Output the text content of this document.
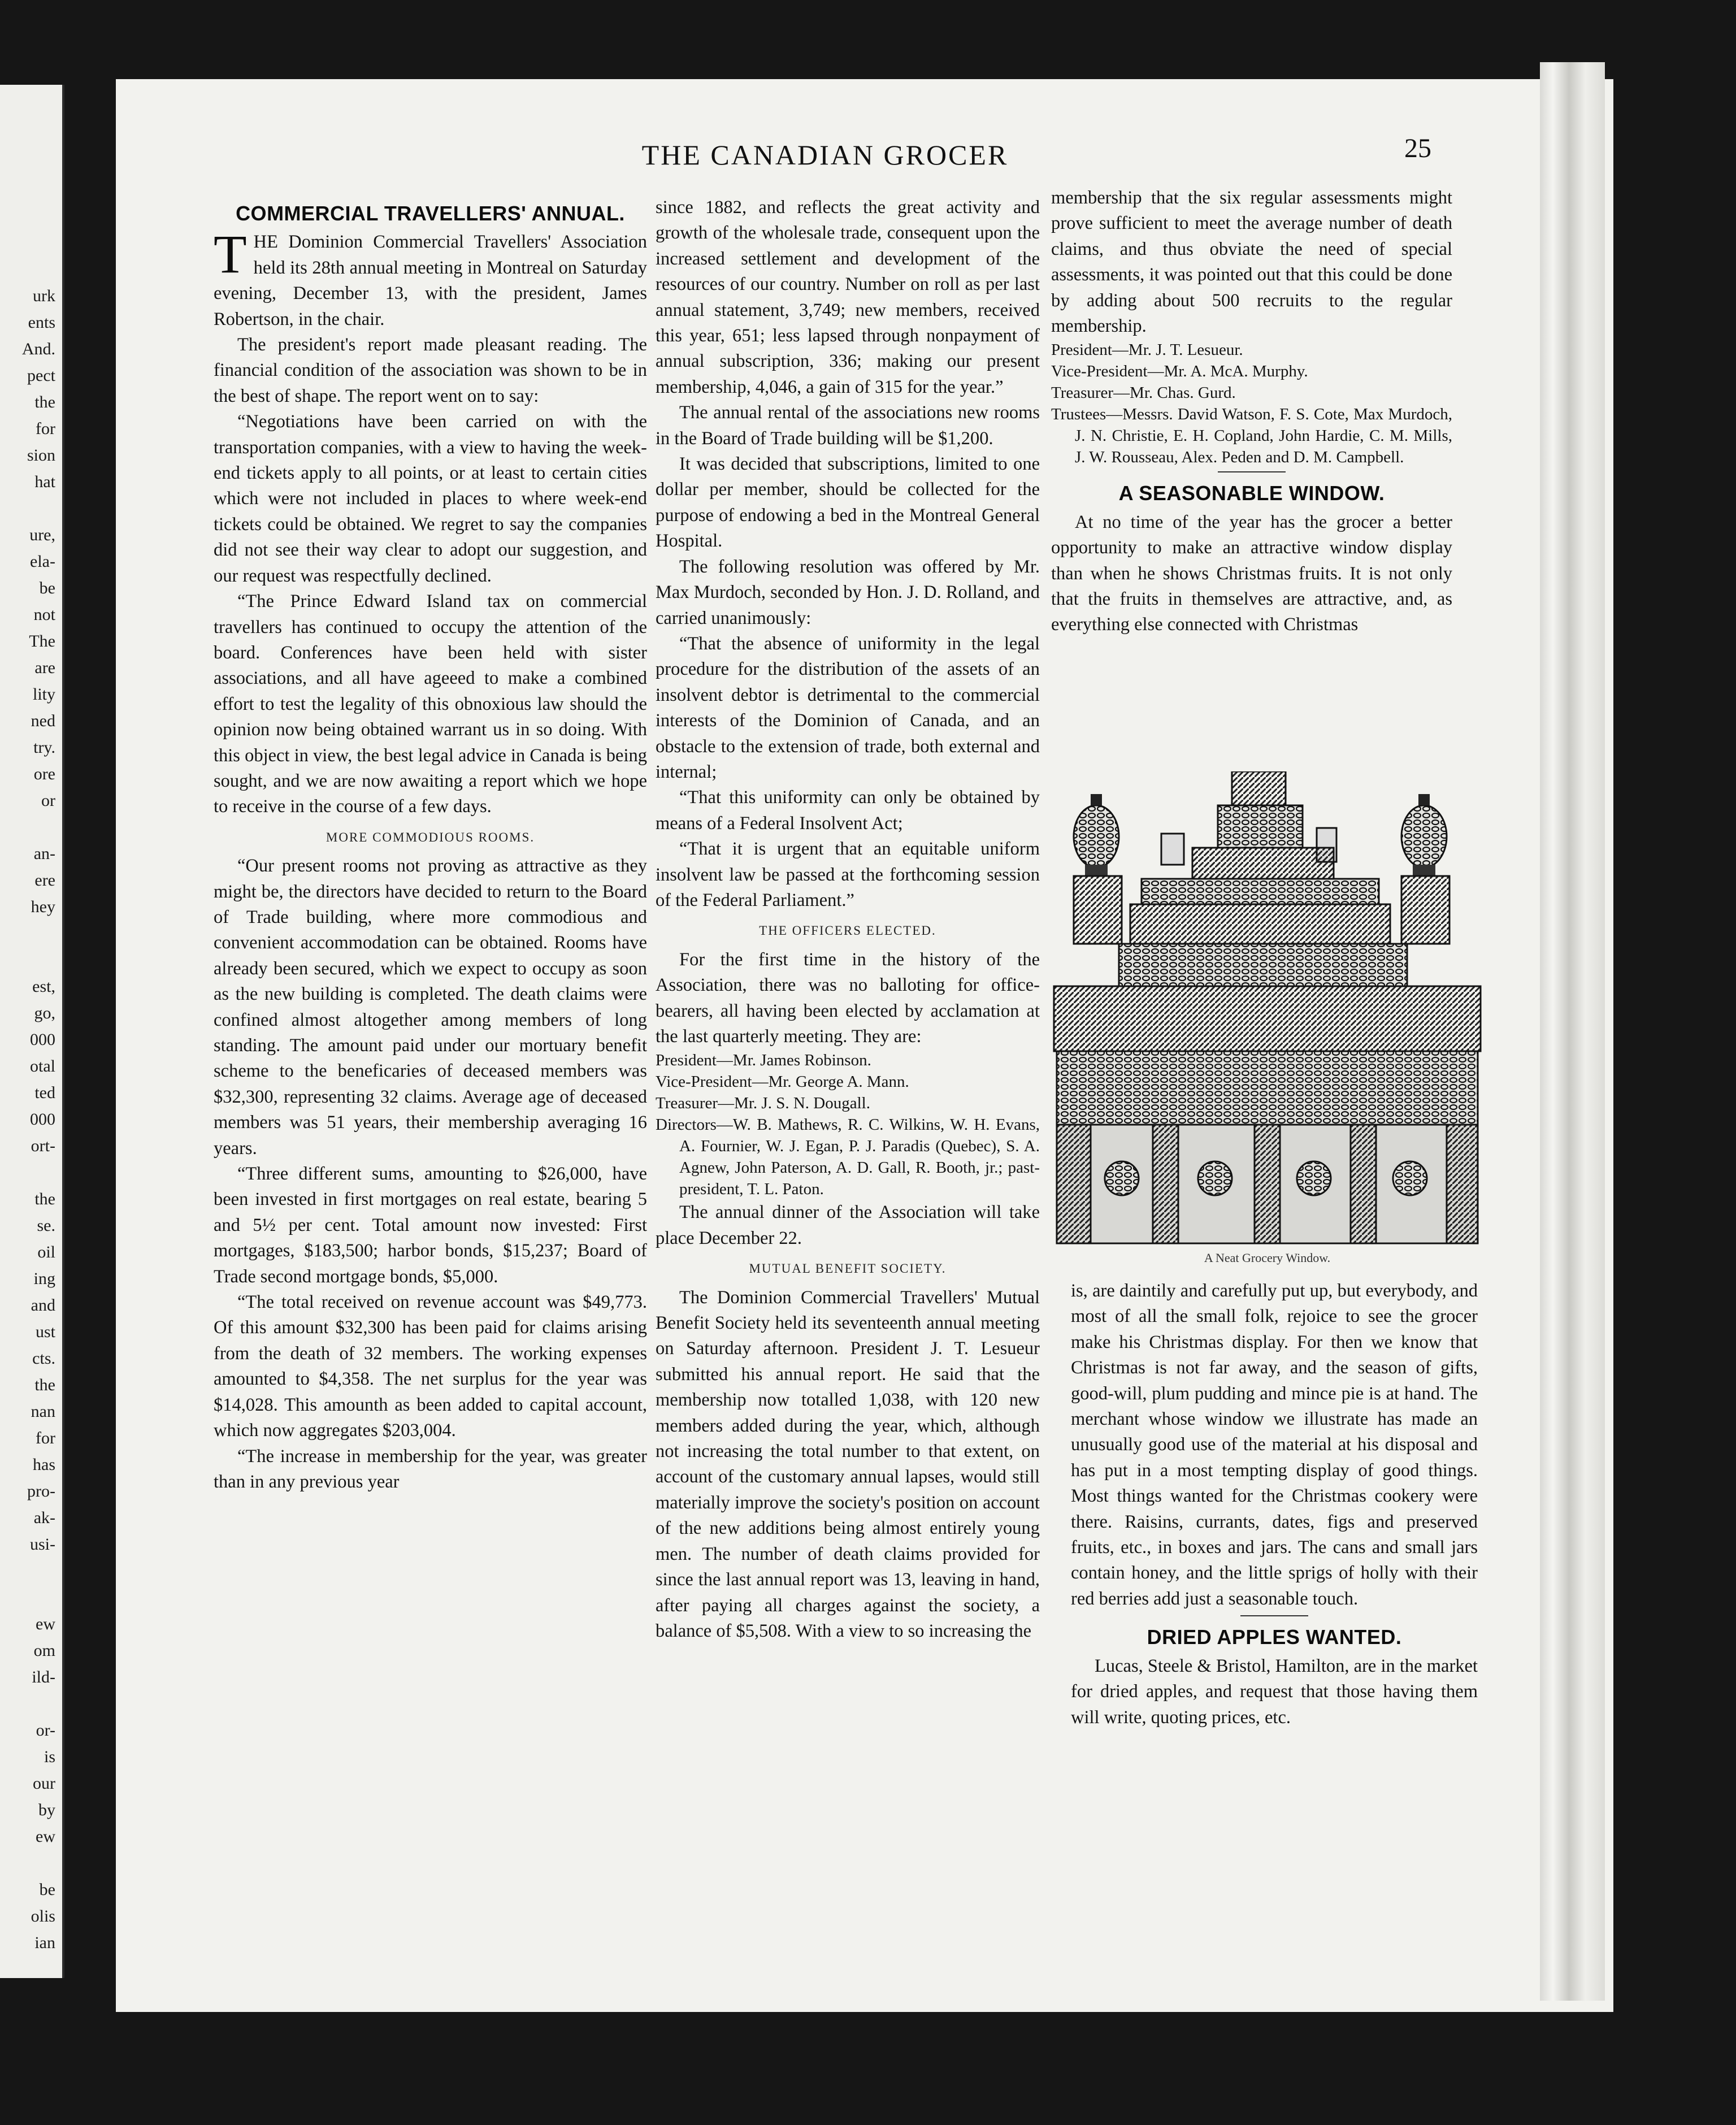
urk
ents
And.
pect
the
for
sion
hat

ure,
ela-
be
not
The
are
lity
ned
try.
ore
or

an-
ere
hey

est,
go,
000
otal
ted
000
ort-

the
se.
oil
ing
and
ust
cts.
the
nan
for
has
pro-
ak-
usi-

ew
om
ild-

or-
is
our
by
ew

be
olis
ian

THE CANADIAN GROCER	25
COMMERCIAL TRAVELLERS' ANNUAL.

T HE Dominion Commercial Travellers' Association held its 28th annual meeting in Montreal on Saturday evening, December 13, with the president, James Robertson, in the chair.

The president's report made pleasant reading. The financial condition of the association was shown to be in the best of shape. The report went on to say:

“Negotiations have been carried on with the transportation companies, with a view to having the week-end tickets apply to all points, or at least to certain cities which were not included in places to where week-end tickets could be obtained. We regret to say the companies did not see their way clear to adopt our suggestion, and our request was respectfully declined.

“The Prince Edward Island tax on commercial travellers has continued to occupy the attention of the board. Conferences have been held with sister associations, and all have ageeed to make a combined effort to test the legality of this obnoxious law should the opinion now being obtained warrant us in so doing. With this object in view, the best legal advice in Canada is being sought, and we are now awaiting a report which we hope to receive in the course of a few days.

MORE COMMODIOUS ROOMS.

“Our present rooms not proving as attractive as they might be, the directors have decided to return to the Board of Trade building, where more commodious and convenient accommodation can be obtained. Rooms have already been secured, which we expect to occupy as soon as the new building is completed. The death claims were confined almost altogether among members of long standing. The amount paid under our mortuary benefit scheme to the beneficaries of deceased members was $32,300, representing 32 claims. Average age of deceased members was 51 years, their membership averaging 16 years.

“Three different sums, amounting to $26,000, have been invested in first mortgages on real estate, bearing 5 and 5½ per cent. Total amount now invested: First mortgages, $183,500; harbor bonds, $15,237; Board of Trade second mortgage bonds, $5,000.

“The total received on revenue account was $49,773. Of this amount $32,300 has been paid for claims arising from the death of 32 members. The working expenses amounted to $4,358. The net surplus for the year was $14,028. This amounth as been added to capital account, which now aggregates $203,004.

“The increase in membership for the year, was greater than in any previous year

since 1882, and reflects the great activity and growth of the wholesale trade, consequent upon the increased settlement and development of the resources of our country. Number on roll as per last annual statement, 3,749; new members, received this year, 651; less lapsed through nonpayment of annual subscription, 336; making our present membership, 4,046, a gain of 315 for the year.”

The annual rental of the associations new rooms in the Board of Trade building will be $1,200.

It was decided that subscriptions, limited to one dollar per member, should be collected for the purpose of endowing a bed in the Montreal General Hospital.

The following resolution was offered by Mr. Max Murdoch, seconded by Hon. J. D. Rolland, and carried unanimously:

“That the absence of uniformity in the legal procedure for the distribution of the assets of an insolvent debtor is detrimental to the commercial interests of the Dominion of Canada, and an obstacle to the extension of trade, both external and internal;

“That this uniformity can only be obtained by means of a Federal Insolvent Act;

“That it is urgent that an equitable uniform insolvent law be passed at the forthcoming session of the Federal Parliament.”

THE OFFICERS ELECTED.

For the first time in the history of the Association, there was no balloting for office-bearers, all having been elected by acclamation at the last quarterly meeting. They are:

President—Mr. James Robinson.

Vice-President—Mr. George A. Mann.

Treasurer—Mr. J. S. N. Dougall.

Directors—W. B. Mathews, R. C. Wilkins, W. H. Evans, A. Fournier, W. J. Egan, P. J. Paradis (Quebec), S. A. Agnew, John Paterson, A. D. Gall, R. Booth, jr.; past-president, T. L. Paton.

The annual dinner of the Association will take place December 22.

MUTUAL BENEFIT SOCIETY.

The Dominion Commercial Travellers' Mutual Benefit Society held its seventeenth annual meeting on Saturday afternoon. President J. T. Lesueur submitted his annual report. He said that the membership now totalled 1,038, with 120 new members added during the year, which, although not increasing the total number to that extent, on account of the customary annual lapses, would still materially improve the society's position on account of the new additions being almost entirely young men. The number of death claims provided for since the last annual report was 13, leaving in hand, after paying all charges against the society, a balance of $5,508. With a view to so increasing the

membership that the six regular assessments might prove sufficient to meet the average number of death claims, and thus obviate the need of special assessments, it was pointed out that this could be done by adding about 500 recruits to the regular membership.

President—Mr. J. T. Lesueur.

Vice-President—Mr. A. McA. Murphy.

Treasurer—Mr. Chas. Gurd.

Trustees—Messrs. David Watson, F. S. Cote, Max Murdoch, J. N. Christie, E. H. Copland, John Hardie, C. M. Mills, J. W. Rousseau, Alex. Peden and D. M. Campbell.

A SEASONABLE WINDOW.

At no time of the year has the grocer a better opportunity to make an attractive window display than when he shows Christmas fruits. It is not only that the fruits in themselves are attractive, and, as everything else connected with Christmas

A Neat Grocery Window.

is, are daintily and carefully put up, but everybody, and most of all the small folk, rejoice to see the grocer make his Christmas display. For then we know that Christmas is not far away, and the season of gifts, good-will, plum pudding and mince pie is at hand. The merchant whose window we illustrate has made an unusually good use of the material at his disposal and has put in a most tempting display of good things. Most things wanted for the Christmas cookery were there. Raisins, currants, dates, figs and preserved fruits, etc., in boxes and jars. The cans and small jars contain honey, and the little sprigs of holly with their red berries add just a seasonable touch.

DRIED APPLES WANTED.

Lucas, Steele & Bristol, Hamilton, are in the market for dried apples, and request that those having them will write, quoting prices, etc.
